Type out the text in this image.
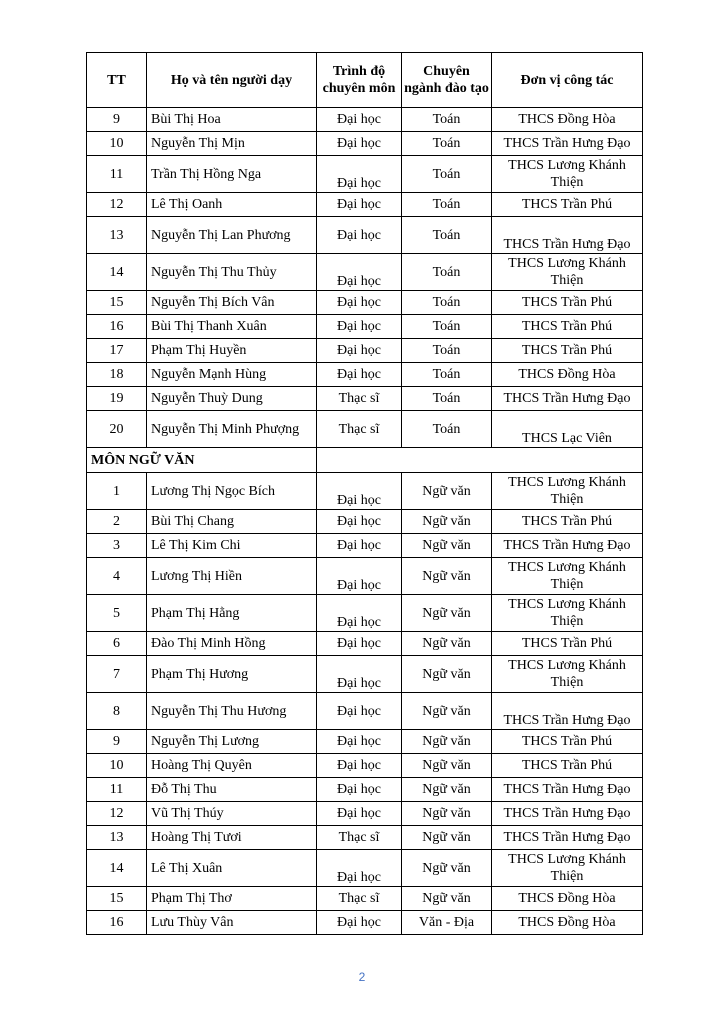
TT	Họ và tên người dạy	Trình độ chuyên môn	Chuyên ngành đào tạo	Đơn vị công tác
9	Bùi Thị Hoa	Đại học	Toán	THCS Đồng Hòa
10	Nguyễn Thị Mịn	Đại học	Toán	THCS Trần Hưng Đạo
11	Trần Thị Hồng Nga	Đại học	Toán	THCS Lương Khánh Thiện
12	Lê Thị Oanh	Đại học	Toán	THCS Trần Phú
13	Nguyễn Thị Lan Phương	Đại học	Toán	THCS Trần Hưng Đạo
14	Nguyễn Thị Thu Thủy	Đại học	Toán	THCS Lương Khánh Thiện
15	Nguyễn Thị Bích Vân	Đại học	Toán	THCS Trần Phú
16	Bùi Thị Thanh Xuân	Đại học	Toán	THCS Trần Phú
17	Phạm Thị Huyền	Đại học	Toán	THCS Trần Phú
18	Nguyễn Mạnh Hùng	Đại học	Toán	THCS Đồng Hòa
19	Nguyễn Thuỳ Dung	Thạc sĩ	Toán	THCS Trần Hưng Đạo
20	Nguyễn Thị Minh Phượng	Thạc sĩ	Toán	THCS Lạc Viên
MÔN NGỮ VĂN				
1	Lương Thị Ngọc Bích	Đại học	Ngữ văn	THCS Lương Khánh Thiện
2	Bùi Thị Chang	Đại học	Ngữ văn	THCS Trần Phú
3	Lê Thị Kim Chi	Đại học	Ngữ văn	THCS Trần Hưng Đạo
4	Lương Thị Hiền	Đại học	Ngữ văn	THCS Lương Khánh Thiện
5	Phạm Thị Hằng	Đại học	Ngữ văn	THCS Lương Khánh Thiện
6	Đào Thị Minh Hồng	Đại học	Ngữ văn	THCS Trần Phú
7	Phạm Thị Hương	Đại học	Ngữ văn	THCS Lương Khánh Thiện
8	Nguyễn Thị Thu Hương	Đại học	Ngữ văn	THCS Trần Hưng Đạo
9	Nguyễn Thị Lương	Đại học	Ngữ văn	THCS Trần Phú
10	Hoàng Thị Quyên	Đại học	Ngữ văn	THCS Trần Phú
11	Đỗ Thị Thu	Đại học	Ngữ văn	THCS Trần Hưng Đạo
12	Vũ Thị Thúy	Đại học	Ngữ văn	THCS Trần Hưng Đạo
13	Hoàng Thị Tươi	Thạc sĩ	Ngữ văn	THCS Trần Hưng Đạo
14	Lê Thị Xuân	Đại học	Ngữ văn	THCS Lương Khánh Thiện
15	Phạm Thị Thơ	Thạc sĩ	Ngữ văn	THCS Đồng Hòa
16	Lưu Thùy Vân	Đại học	Văn - Địa	THCS Đồng Hòa
2
